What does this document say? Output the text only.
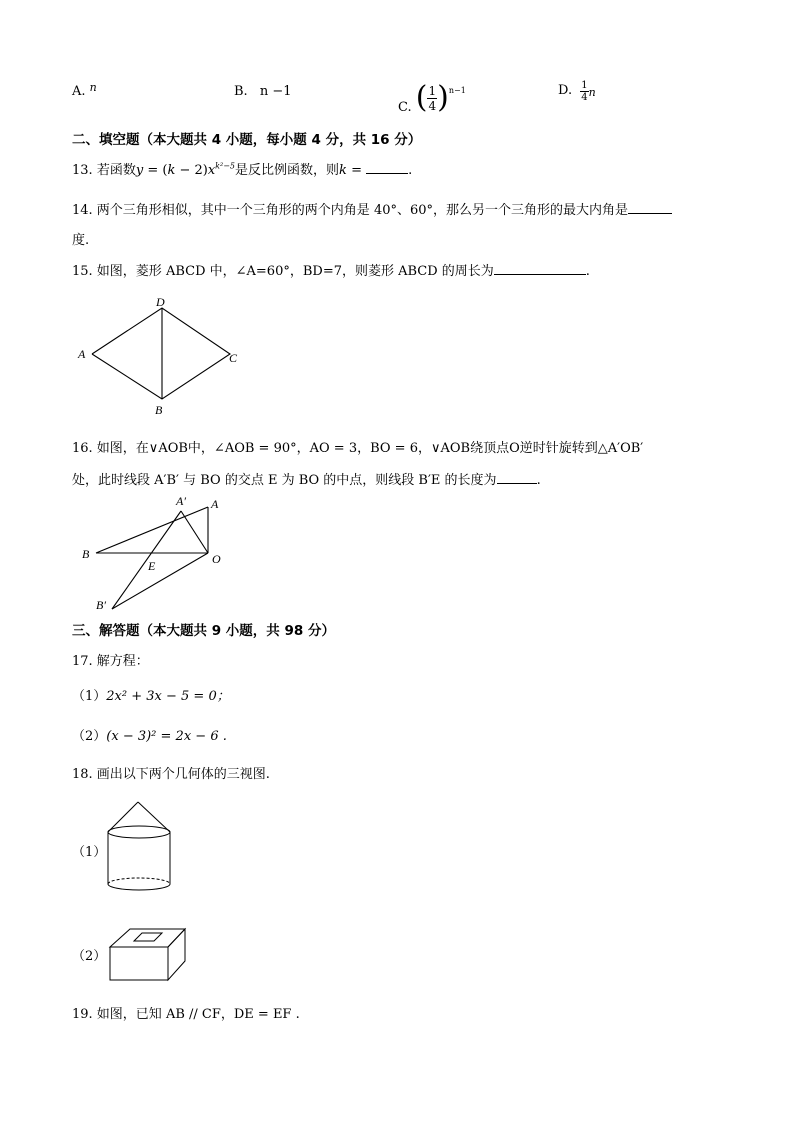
A. $^n$	B. n −1
C. ( $\frac{1}{4} )^{n-1}$	D. $\frac{1}{4}$ n
二、填空题（本大题共 4 小题，每小题 4 分，共 16 分）
13. 若函数$y = (k - 2)x^{k^2-5}$是反比例函数，则k =	.
14. 两个三角形相似，其中一个三角形的两个内角是 40°、60°，那么另一个三角形的最大内角是
度.
15. 如图，菱形 ABCD 中，∠A=60°，BD=7，则菱形 ABCD 的周长为	.
D
A	C
B
16. 如图，在∨AOB中，∠AOB = 90°，AO = 3，BO = 6，∨AOB绕顶点O逆时针旋转到△A′OB′
处，此时线段 A′B′ 与 BO 的交点 E 为 BO 的中点，则线段 B′E 的长度为	.
A′ A
B	O
E
B′
三、解答题（本大题共 9 小题，共 98 分）
17. 解方程：
（1）2x² + 3x − 5 = 0；
（2）(x − 3)² = 2x − 6 .
18. 画出以下两个几何体的三视图.
（1）
（2）
19. 如图，已知 AB // CF，DE = EF .
